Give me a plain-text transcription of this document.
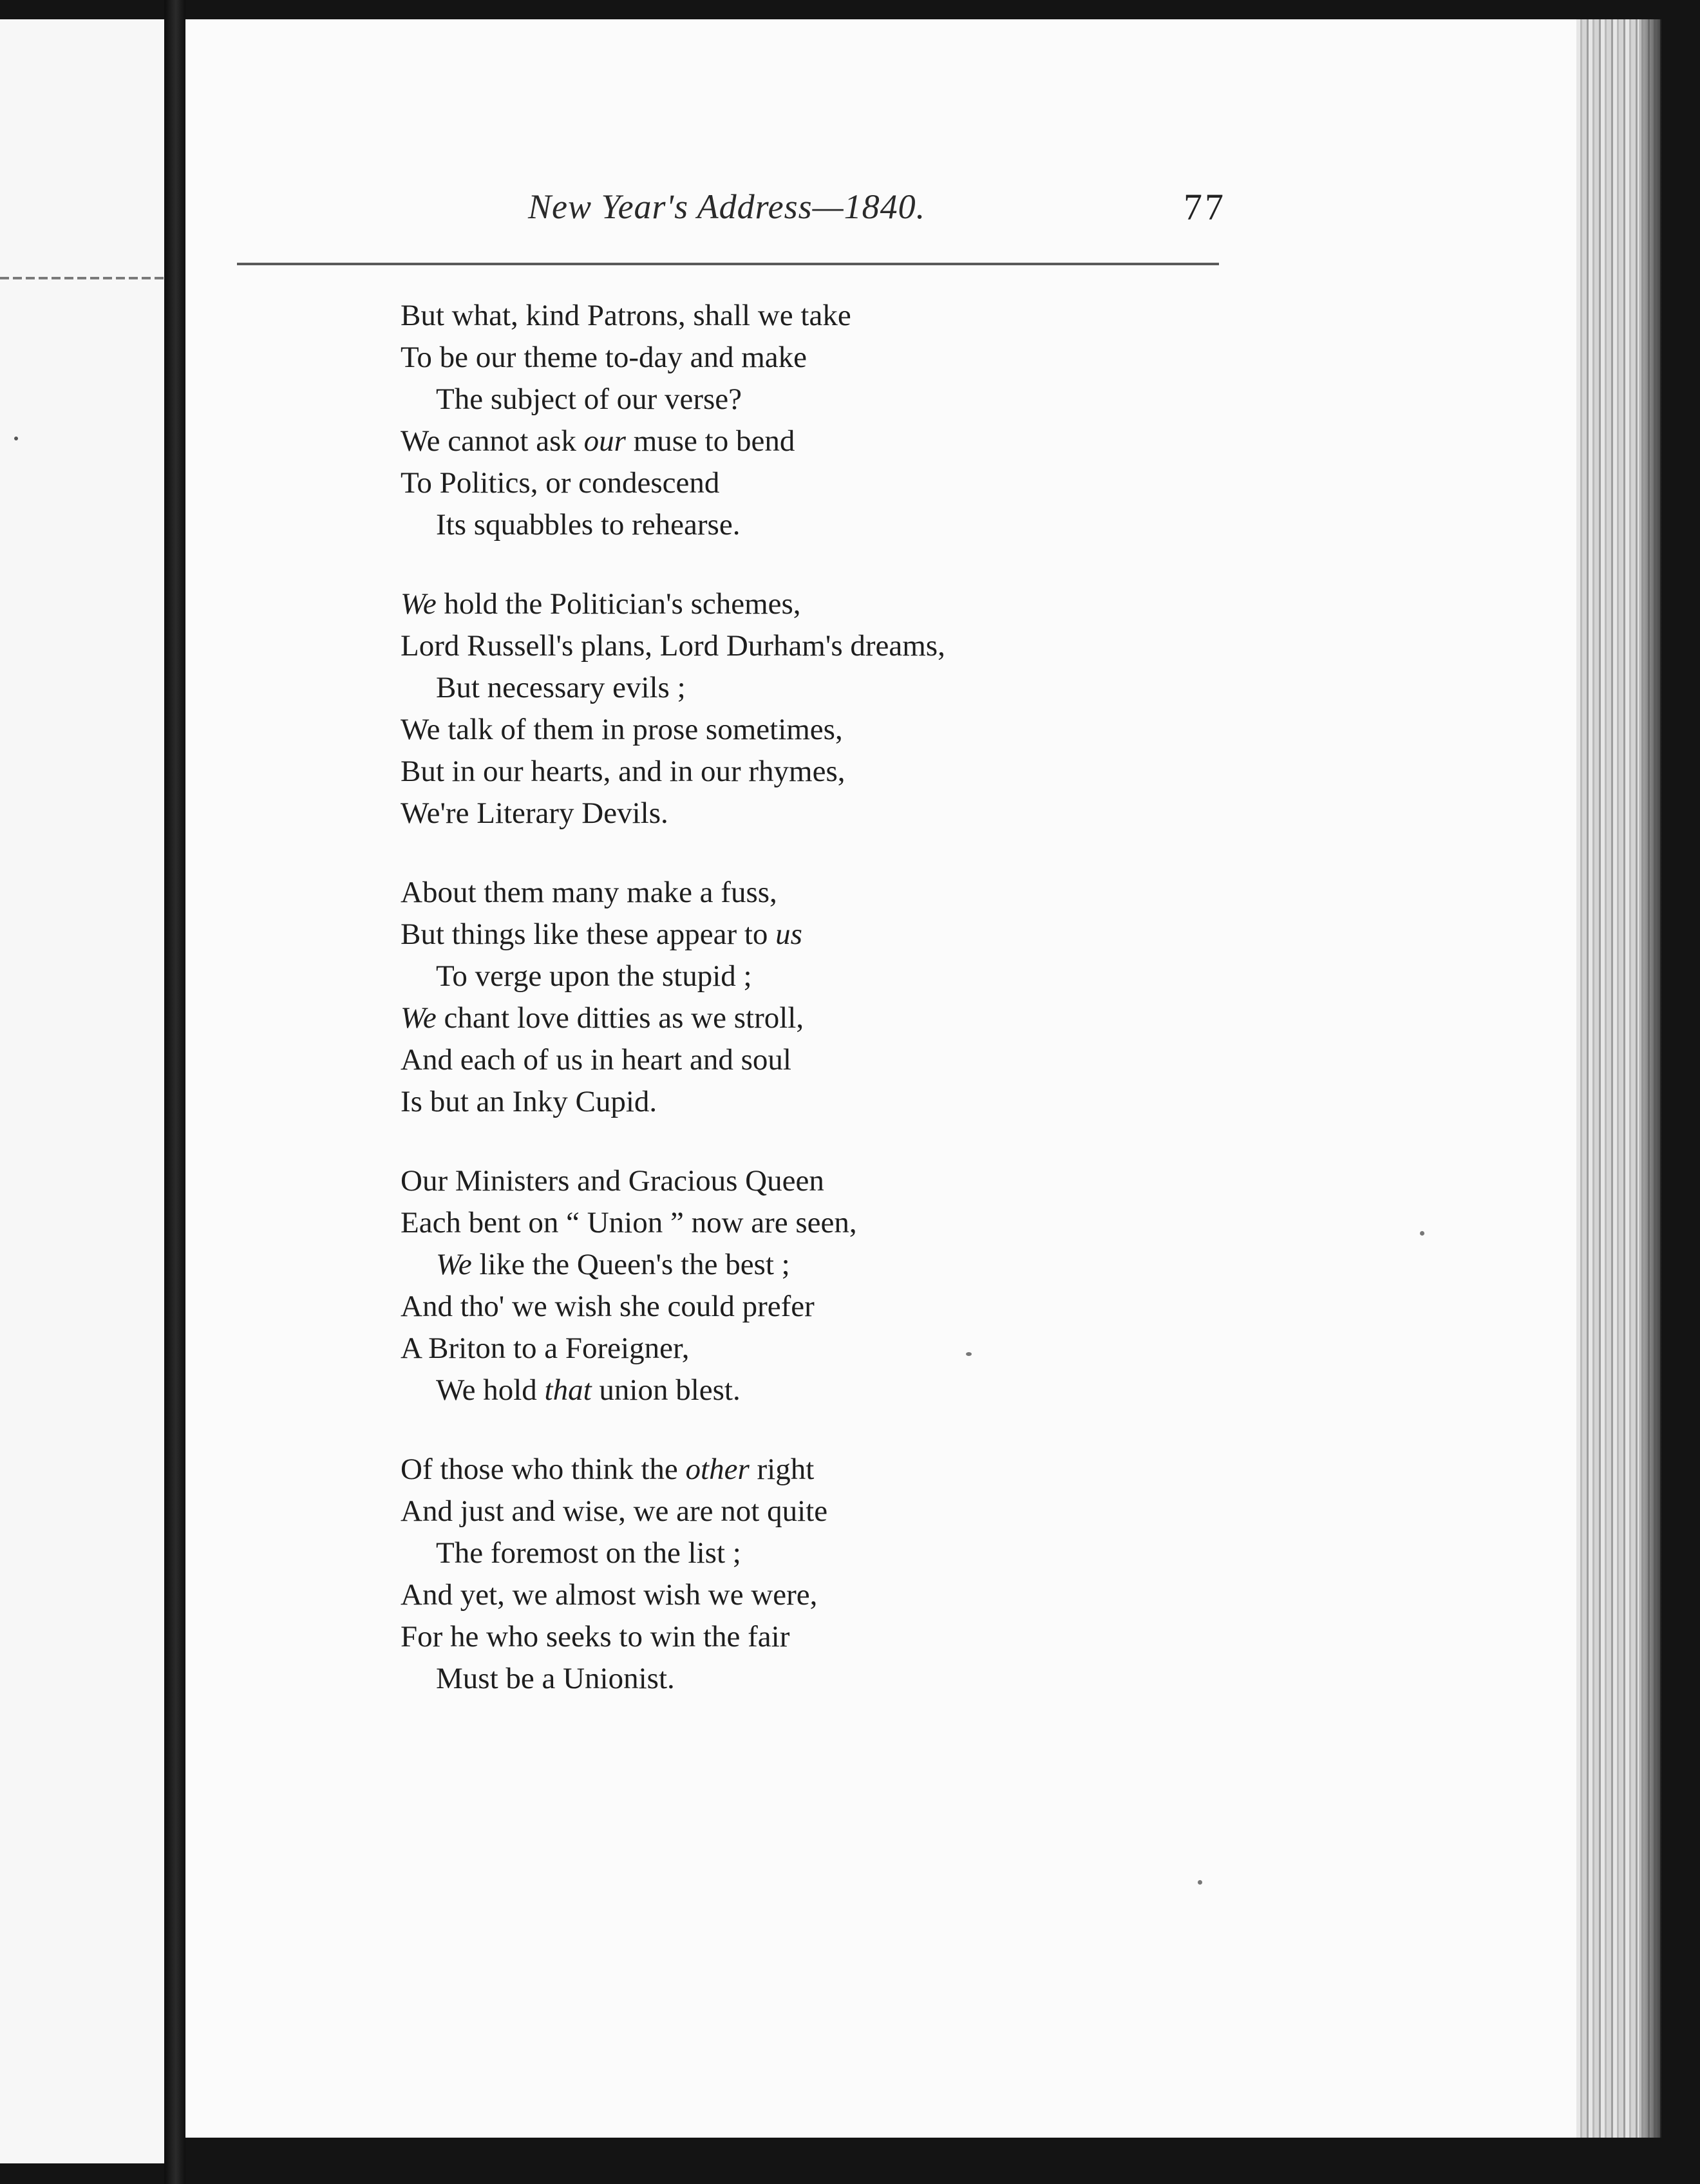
New Year's Address—1840.	77
But what, kind Patrons, shall we take
To be our theme to-day and make
The subject of our verse?
We cannot ask our muse to bend
To Politics, or condescend
Its squabbles to rehearse.
We hold the Politician's schemes,
Lord Russell's plans, Lord Durham's dreams,
But necessary evils ;
We talk of them in prose sometimes,
But in our hearts, and in our rhymes,
We're Literary Devils.
About them many make a fuss,
But things like these appear to us
To verge upon the stupid ;
We chant love ditties as we stroll,
And each of us in heart and soul
Is but an Inky Cupid.
Our Ministers and Gracious Queen
Each bent on “ Union ” now are seen,
We like the Queen's the best ;
And tho' we wish she could prefer
A Briton to a Foreigner,
We hold that union blest.
Of those who think the other right
And just and wise, we are not quite
The foremost on the list ;
And yet, we almost wish we were,
For he who seeks to win the fair
Must be a Unionist.
